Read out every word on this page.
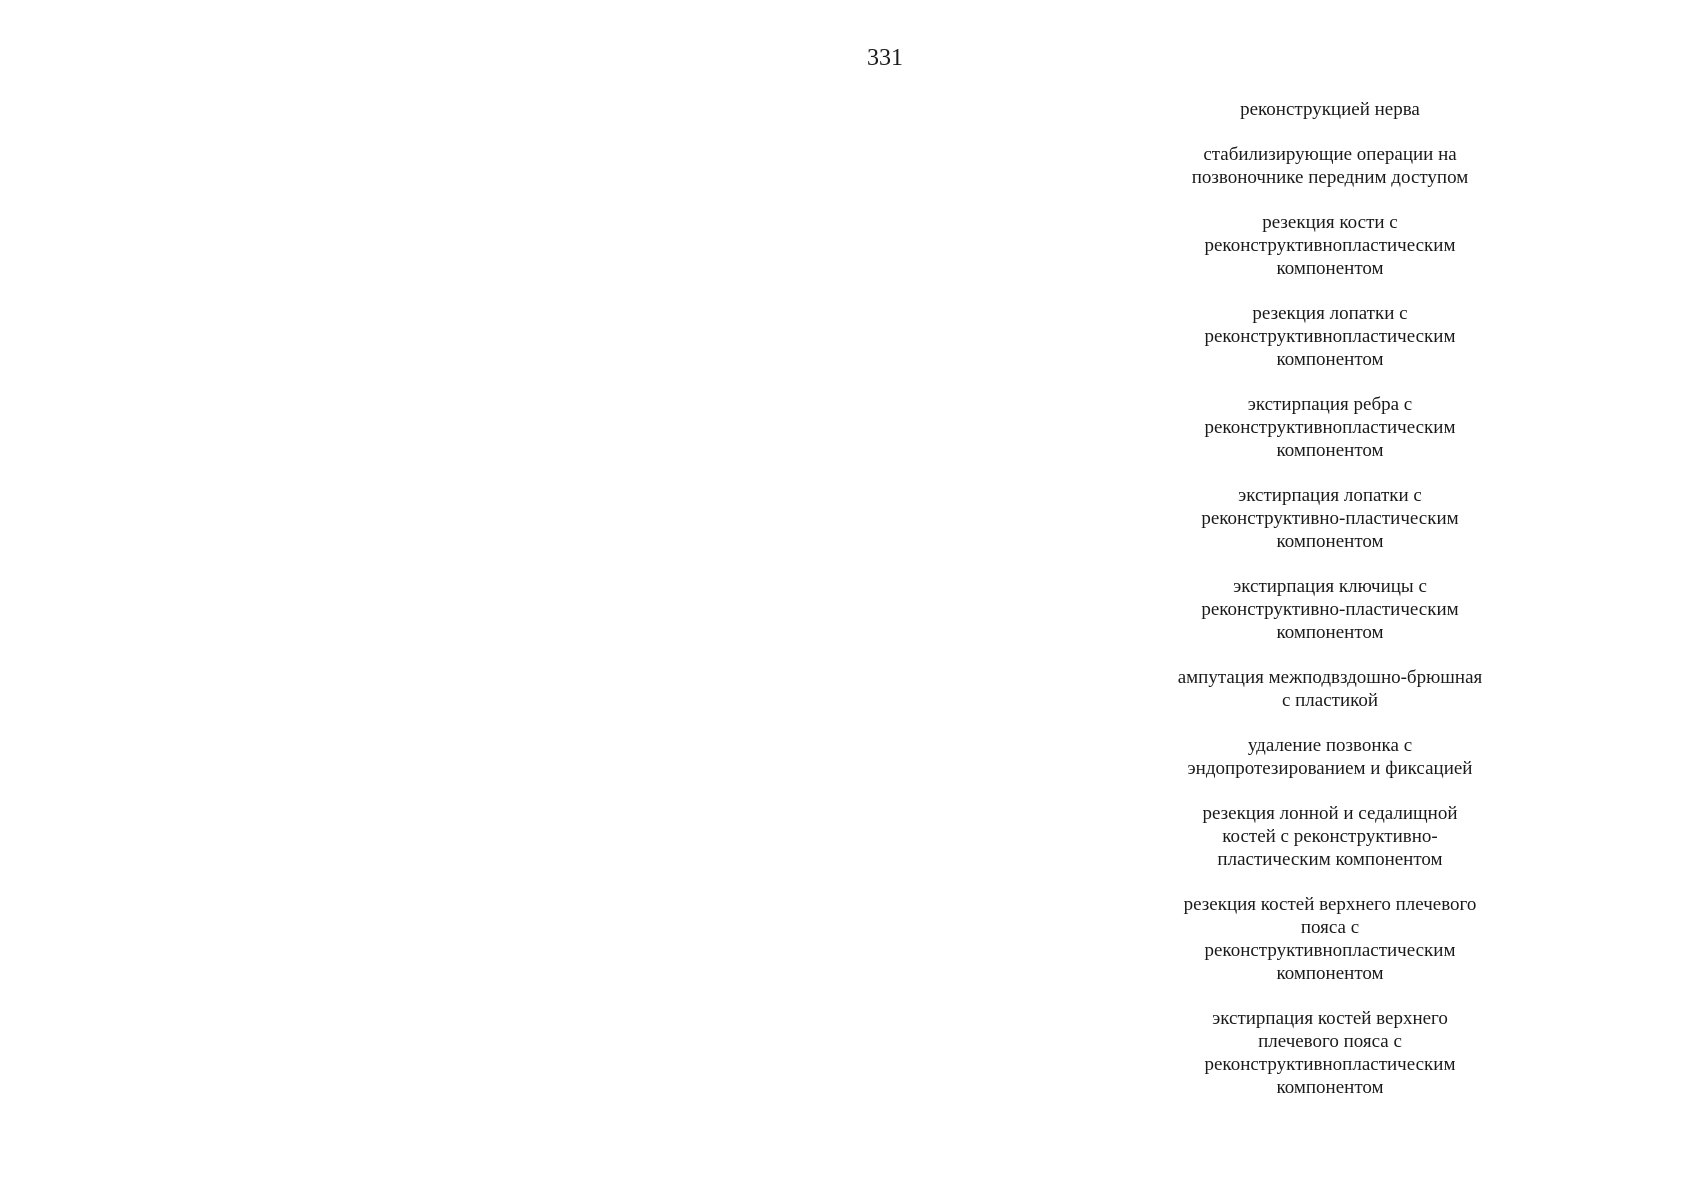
331

реконструкцией нерва

стабилизирующие операции на
позвоночнике передним доступом

резекция кости с
реконструктивнопластическим
компонентом

резекция лопатки с
реконструктивнопластическим
компонентом

экстирпация ребра с
реконструктивнопластическим
компонентом

экстирпация лопатки с
реконструктивно-пластическим
компонентом

экстирпация ключицы с
реконструктивно-пластическим
компонентом

ампутация межподвздошно-брюшная
с пластикой

удаление позвонка с
эндопротезированием и фиксацией

резекция лонной и седалищной
костей с реконструктивно-
пластическим компонентом

резекция костей верхнего плечевого
пояса с
реконструктивнопластическим
компонентом

экстирпация костей верхнего
плечевого пояса с
реконструктивнопластическим
компонентом
